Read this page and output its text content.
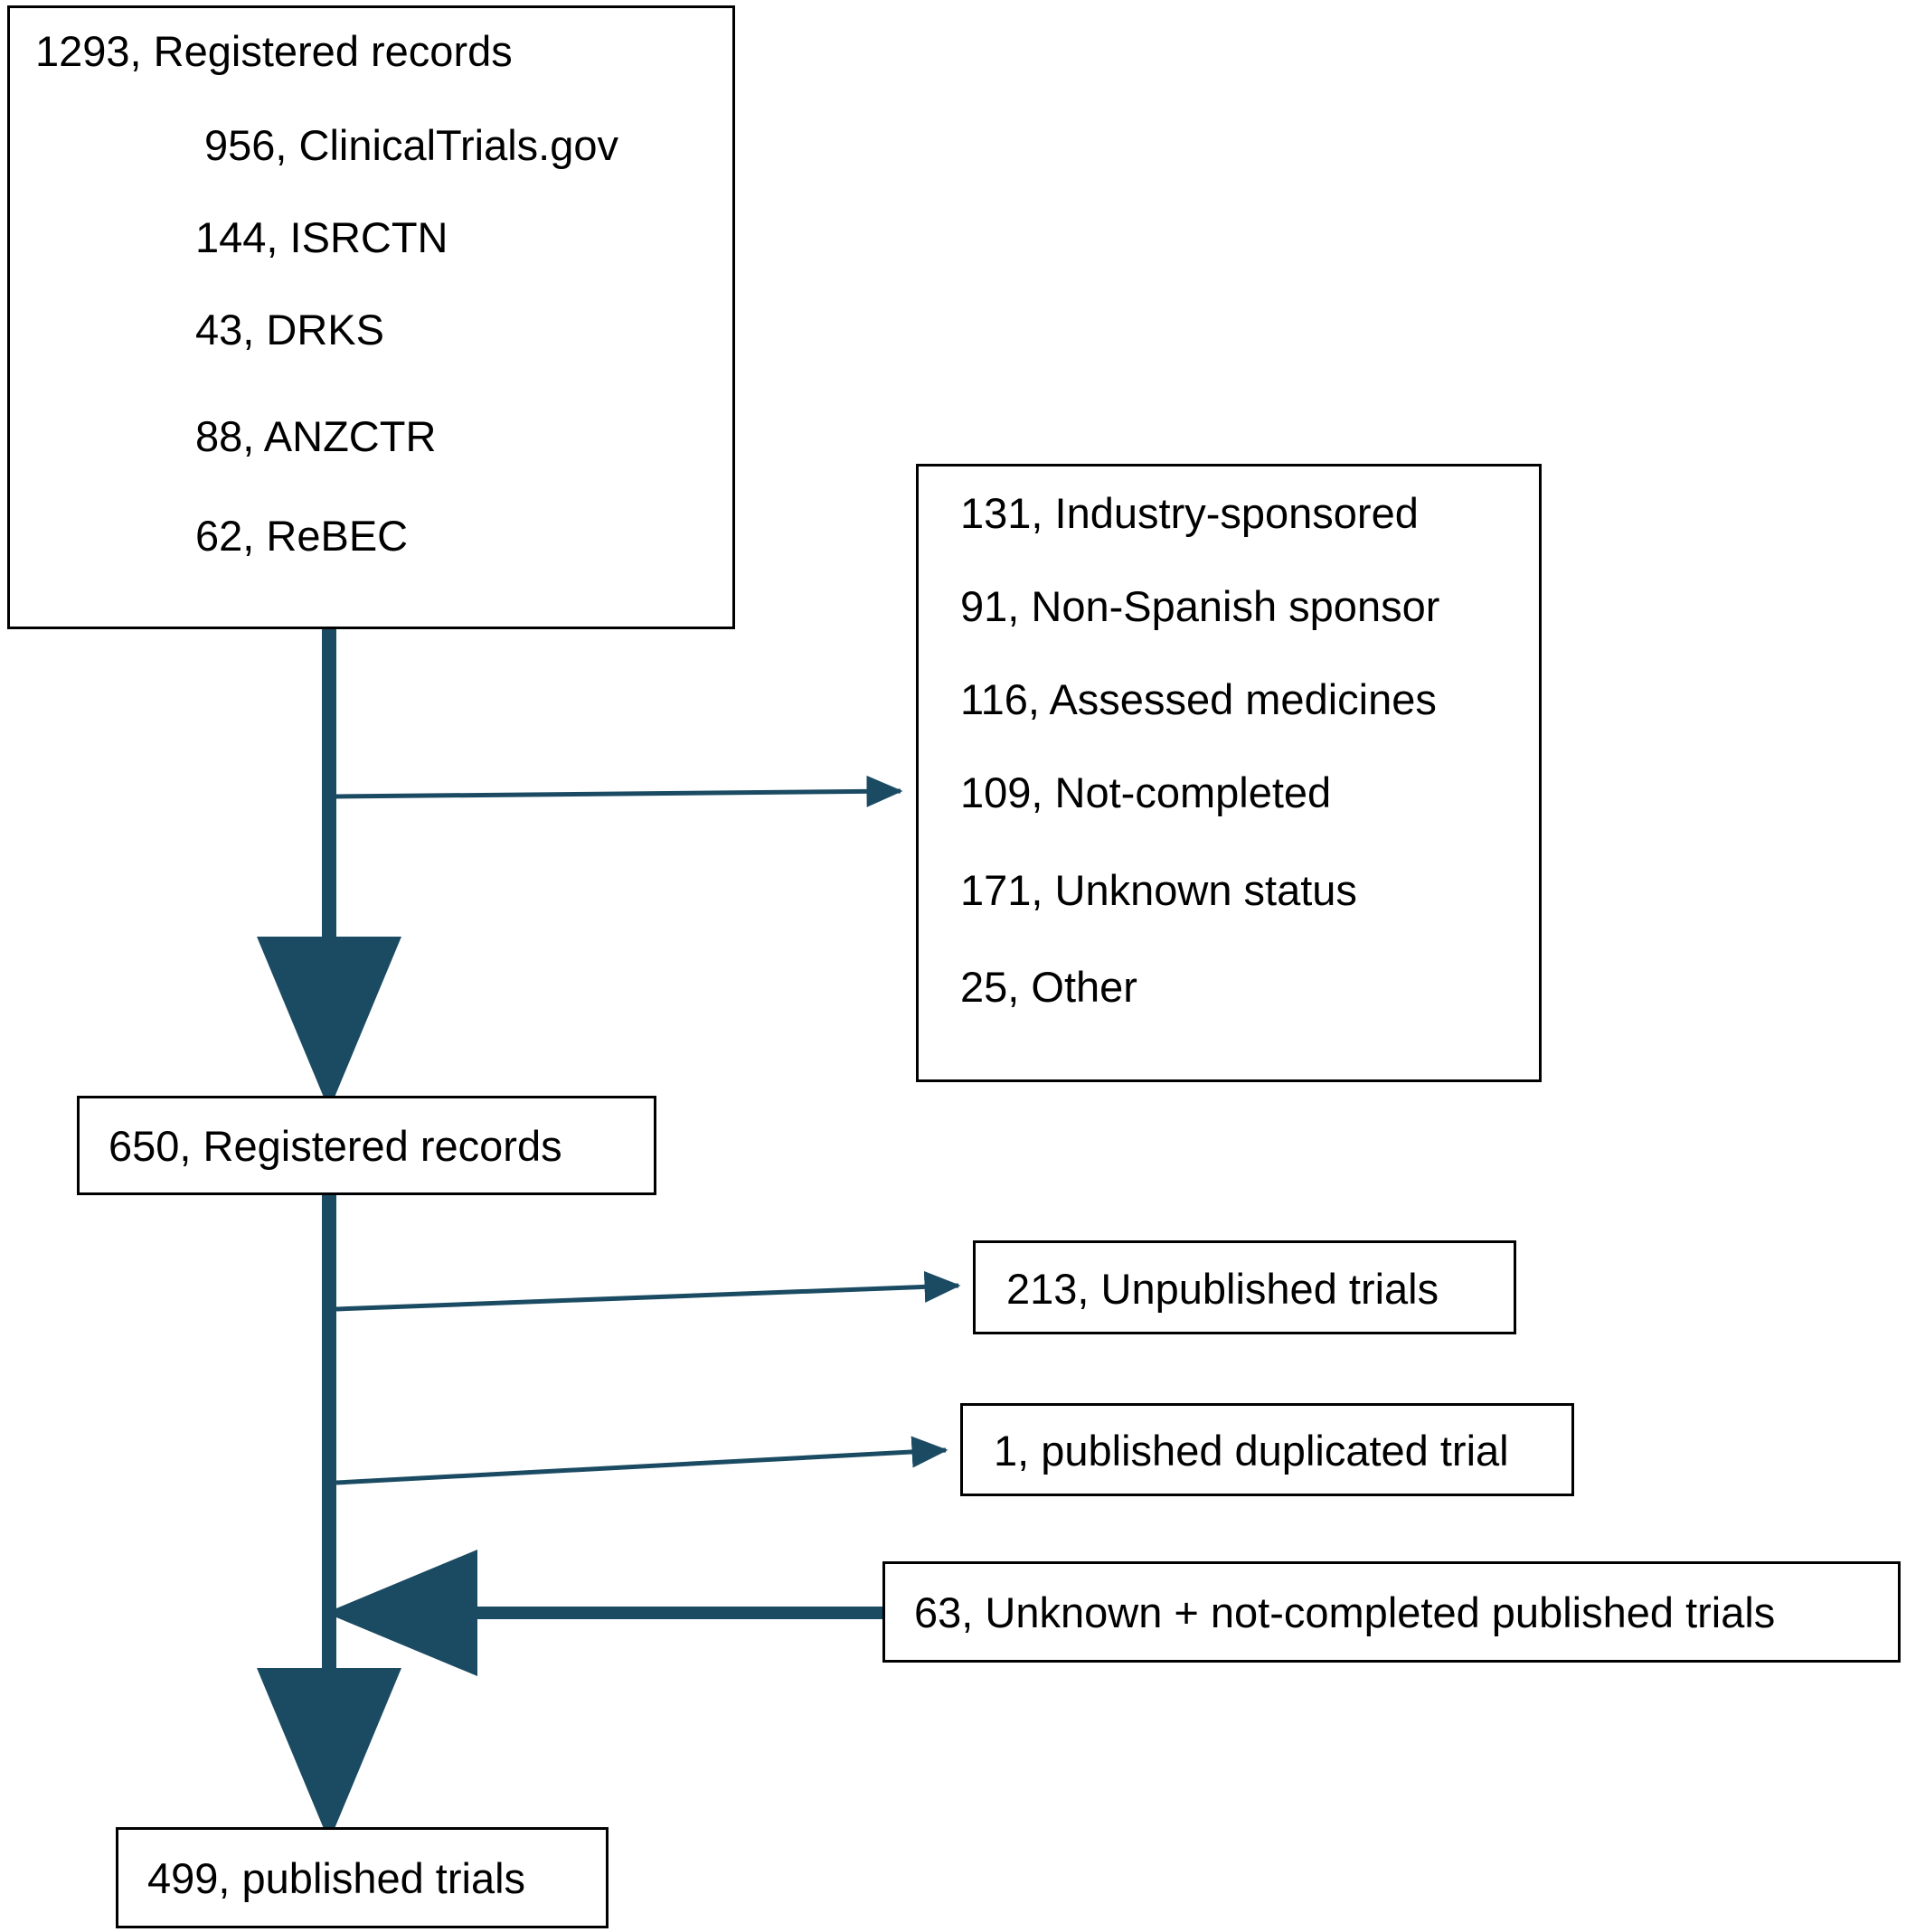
1293, Registered records
956, ClinicalTrials.gov
144, ISRCTN
43, DRKS
88, ANZCTR
62, ReBEC	131, Industry-sponsored
91, Non-Spanish sponsor
116, Assessed medicines
109, Not-completed
171, Unknown status
25, Other
650, Registered records
213, Unpublished trials
1, published duplicated trial
63, Unknown + not-completed published trials
499, published trials
